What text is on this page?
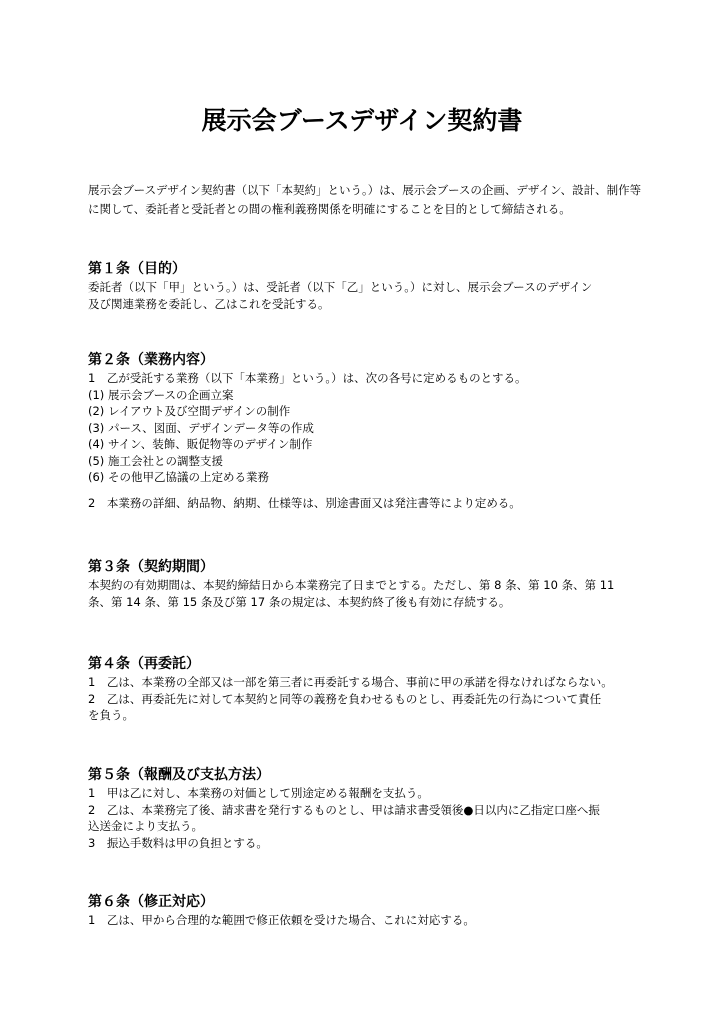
展示会ブースデザイン契約書
展示会ブースデザイン契約書（以下「本契約」という。）は、展示会ブースの企画、デザイン、設計、制作等に関して、委託者と受託者との間の権利義務関係を明確にすることを目的として締結される。
第１条（目的）
委託者（以下「甲」という。）は、受託者（以下「乙」という。）に対し、展示会ブースのデザイン
及び関連業務を委託し、乙はこれを受託する。
第２条（業務内容）
1　乙が受託する業務（以下「本業務」という。）は、次の各号に定めるものとする。
(1) 展示会ブースの企画立案
(2) レイアウト及び空間デザインの制作
(3) パース、図面、デザインデータ等の作成
(4) サイン、装飾、販促物等のデザイン制作
(5) 施工会社との調整支援
(6) その他甲乙協議の上定める業務
2　本業務の詳細、納品物、納期、仕様等は、別途書面又は発注書等により定める。
第３条（契約期間）
本契約の有効期間は、本契約締結日から本業務完了日までとする。ただし、第 8 条、第 10 条、第 11
条、第 14 条、第 15 条及び第 17 条の規定は、本契約終了後も有効に存続する。
第４条（再委託）
1　乙は、本業務の全部又は一部を第三者に再委託する場合、事前に甲の承諾を得なければならない。
2　乙は、再委託先に対して本契約と同等の義務を負わせるものとし、再委託先の行為について責任
を負う。
第５条（報酬及び支払方法）
1　甲は乙に対し、本業務の対価として別途定める報酬を支払う。
2　乙は、本業務完了後、請求書を発行するものとし、甲は請求書受領後●日以内に乙指定口座へ振
込送金により支払う。
3　振込手数料は甲の負担とする。
第６条（修正対応）
1　乙は、甲から合理的な範囲で修正依頼を受けた場合、これに対応する。
